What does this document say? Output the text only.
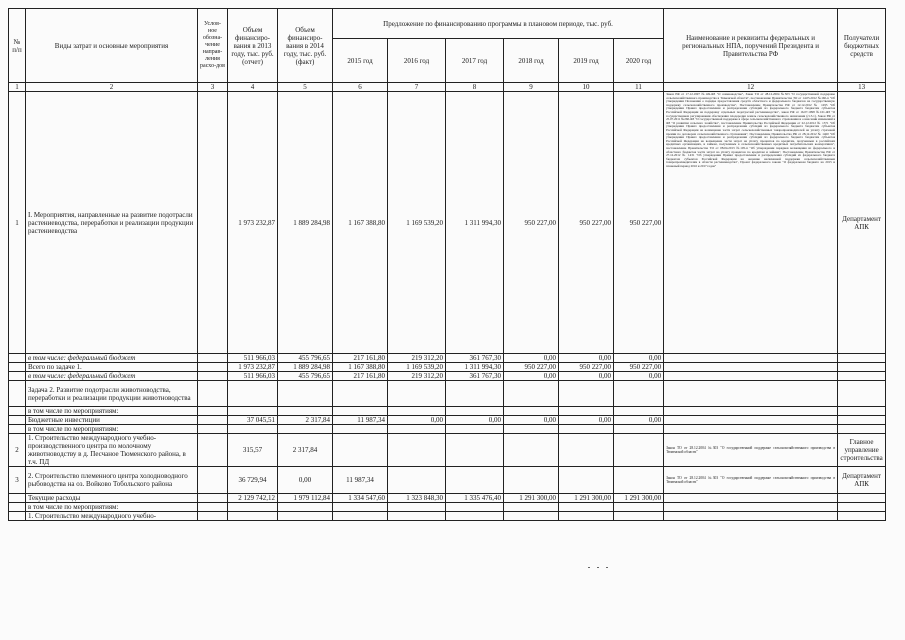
№ п/п	Виды затрат и основные мероприятия	Услов-ное обозна-чение направ-ления расхо-дов	Объем финансиро-вания в 2013 году, тыс. руб. (отчет)	Объем финансиро-вания в 2014 году, тыс. руб. (факт)	Предложение по финансированию программы в плановом периоде, тыс. руб.						Наименование и реквизиты федеральных и региональных НПА, поручений Президента и Правительства РФ	Получатели бюджетных средств
					2015 год	2016 год	2017 год	2018 год	2019 год	2020 год		
1	2	3	4	5	6	7	8	9	10	11	12	13
1	I. Мероприятия, направленные на развитие подотрасли растениеводства, переработки и реализации продукции растениеводства		1 973 232,87	1 889 284,98	1 167 388,80	1 169 539,20	1 311 994,30	950 227,00	950 227,00	950 227,00	Закон РФ от 17.12.1997 №149-ФЗ "О семеноводстве", Закон ТО от 28.12.2004 №303 "О государственной поддержке сельскохозяйственного производства в Тюменской области", постановление Правительства ТО от 14.05.2012 №160-п "Об утверждении Положения о порядке предоставления средств областного и федерального бюджетов на государственную поддержку сельскохозяйственного производства", Постановление Правительства РФ от 12.12.2012 № 1295 "Об утверждении Правил предоставления и распределения субсидий из федерального бюджета бюджетам субъектов Российской Федерации на поддержку отдельных подотраслей растениеводства", закон РФ от 16.07.1998 №101-ФЗ "О государственном регулировании обеспечения плодородия земель сельскохозяйственного назначения (ст.3.1), Закон РФ от 25.07.2011 №260-ФЗ "О государственной поддержке в сфере сельскохозяйственного страхования и о внесении изменений в ФЗ "О развитии сельского хозяйства", постановление Правительства Российской Федерации от 22.12.2012 № 1371 "Об утверждении Правил предоставления и распределения субсидий из федерального бюджета бюджетам субъектов Российской Федерации на возмещение части затрат сельскохозяйственных товаропроизводителей на уплату страховой премии по договорам сельскохозяйственного страхования", Постановление Правительства РФ от 28.12.2012 № 1460 "Об утверждении Правил предоставления и распределения субсидий из федерального бюджета бюджетам субъектов Российской Федерации на возмещение части затрат на уплату процентов по кредитам, полученным в российских кредитных организациях, и займам, полученным в сельскохозяйственных кредитных потребительских кооперативах", постановление Правительства ТО от 08.04.2013 №105-п "Об утверждении порядков возмещения из федерального и областного бюджетов части затрат на уплату процентов по кредитам и займам", Постановление Правительства РФ от 27.12.2012 № 1431 "Об утверждении Правил предоставления и распределения субсидий из федерального бюджета бюджетам субъектов Российской Федерации на оказание несвязанной поддержки сельскохозяйственным товаропроизводителям в области растениеводства", Проект федерального закона "О федеральном бюджете на 2015 и плановый период 2016 и 2017 годов"	Департамент АПК
	в том числе: федеральный бюджет		511 966,03	455 796,65	217 161,80	219 312,20	361 767,30	0,00	0,00	0,00		
	Всего по задаче 1.		1 973 232,87	1 889 284,98	1 167 388,80	1 169 539,20	1 311 994,30	950 227,00	950 227,00	950 227,00		
	в том числе: федеральный бюджет		511 966,03	455 796,65	217 161,80	219 312,20	361 767,30	0,00	0,00	0,00		
	Задача 2. Развитие подотрасли животноводства, переработки и реализации продукции животноводства											
	в том числе по мероприятиям:											
	Бюджетные инвестиции		37 045,51	2 317,84	11 987,34	0,00	0,00	0,00	0,00	0,00		
	в том числе по мероприятиям:											
2	1. Строительство международного учебно-производственного центра по молочному животноводству в д. Песчаное Тюменского района, в т.ч. ПД		315,57	2 317,84							Закон ТО от 28.12.2004 №303 "О государственной поддержке сельскохозяйственного производства в Тюменской области"	Главное управление строительства
3	2. Строительство племенного центра холодноводного рыбоводства на оз. Войково Тобольского района		36 729,94	0,00	11 987,34						Закон ТО от 28.12.2004 №303 "О государственной поддержке сельскохозяйственного производства в Тюменской области"	Департамент АПК
	Текущие расходы		2 129 742,12	1 979 112,84	1 334 547,60	1 323 848,30	1 335 476,40	1 291 300,00	1 291 300,00	1 291 300,00		
	в том числе по мероприятиям:											
	1. Строительство международного учебно-											
